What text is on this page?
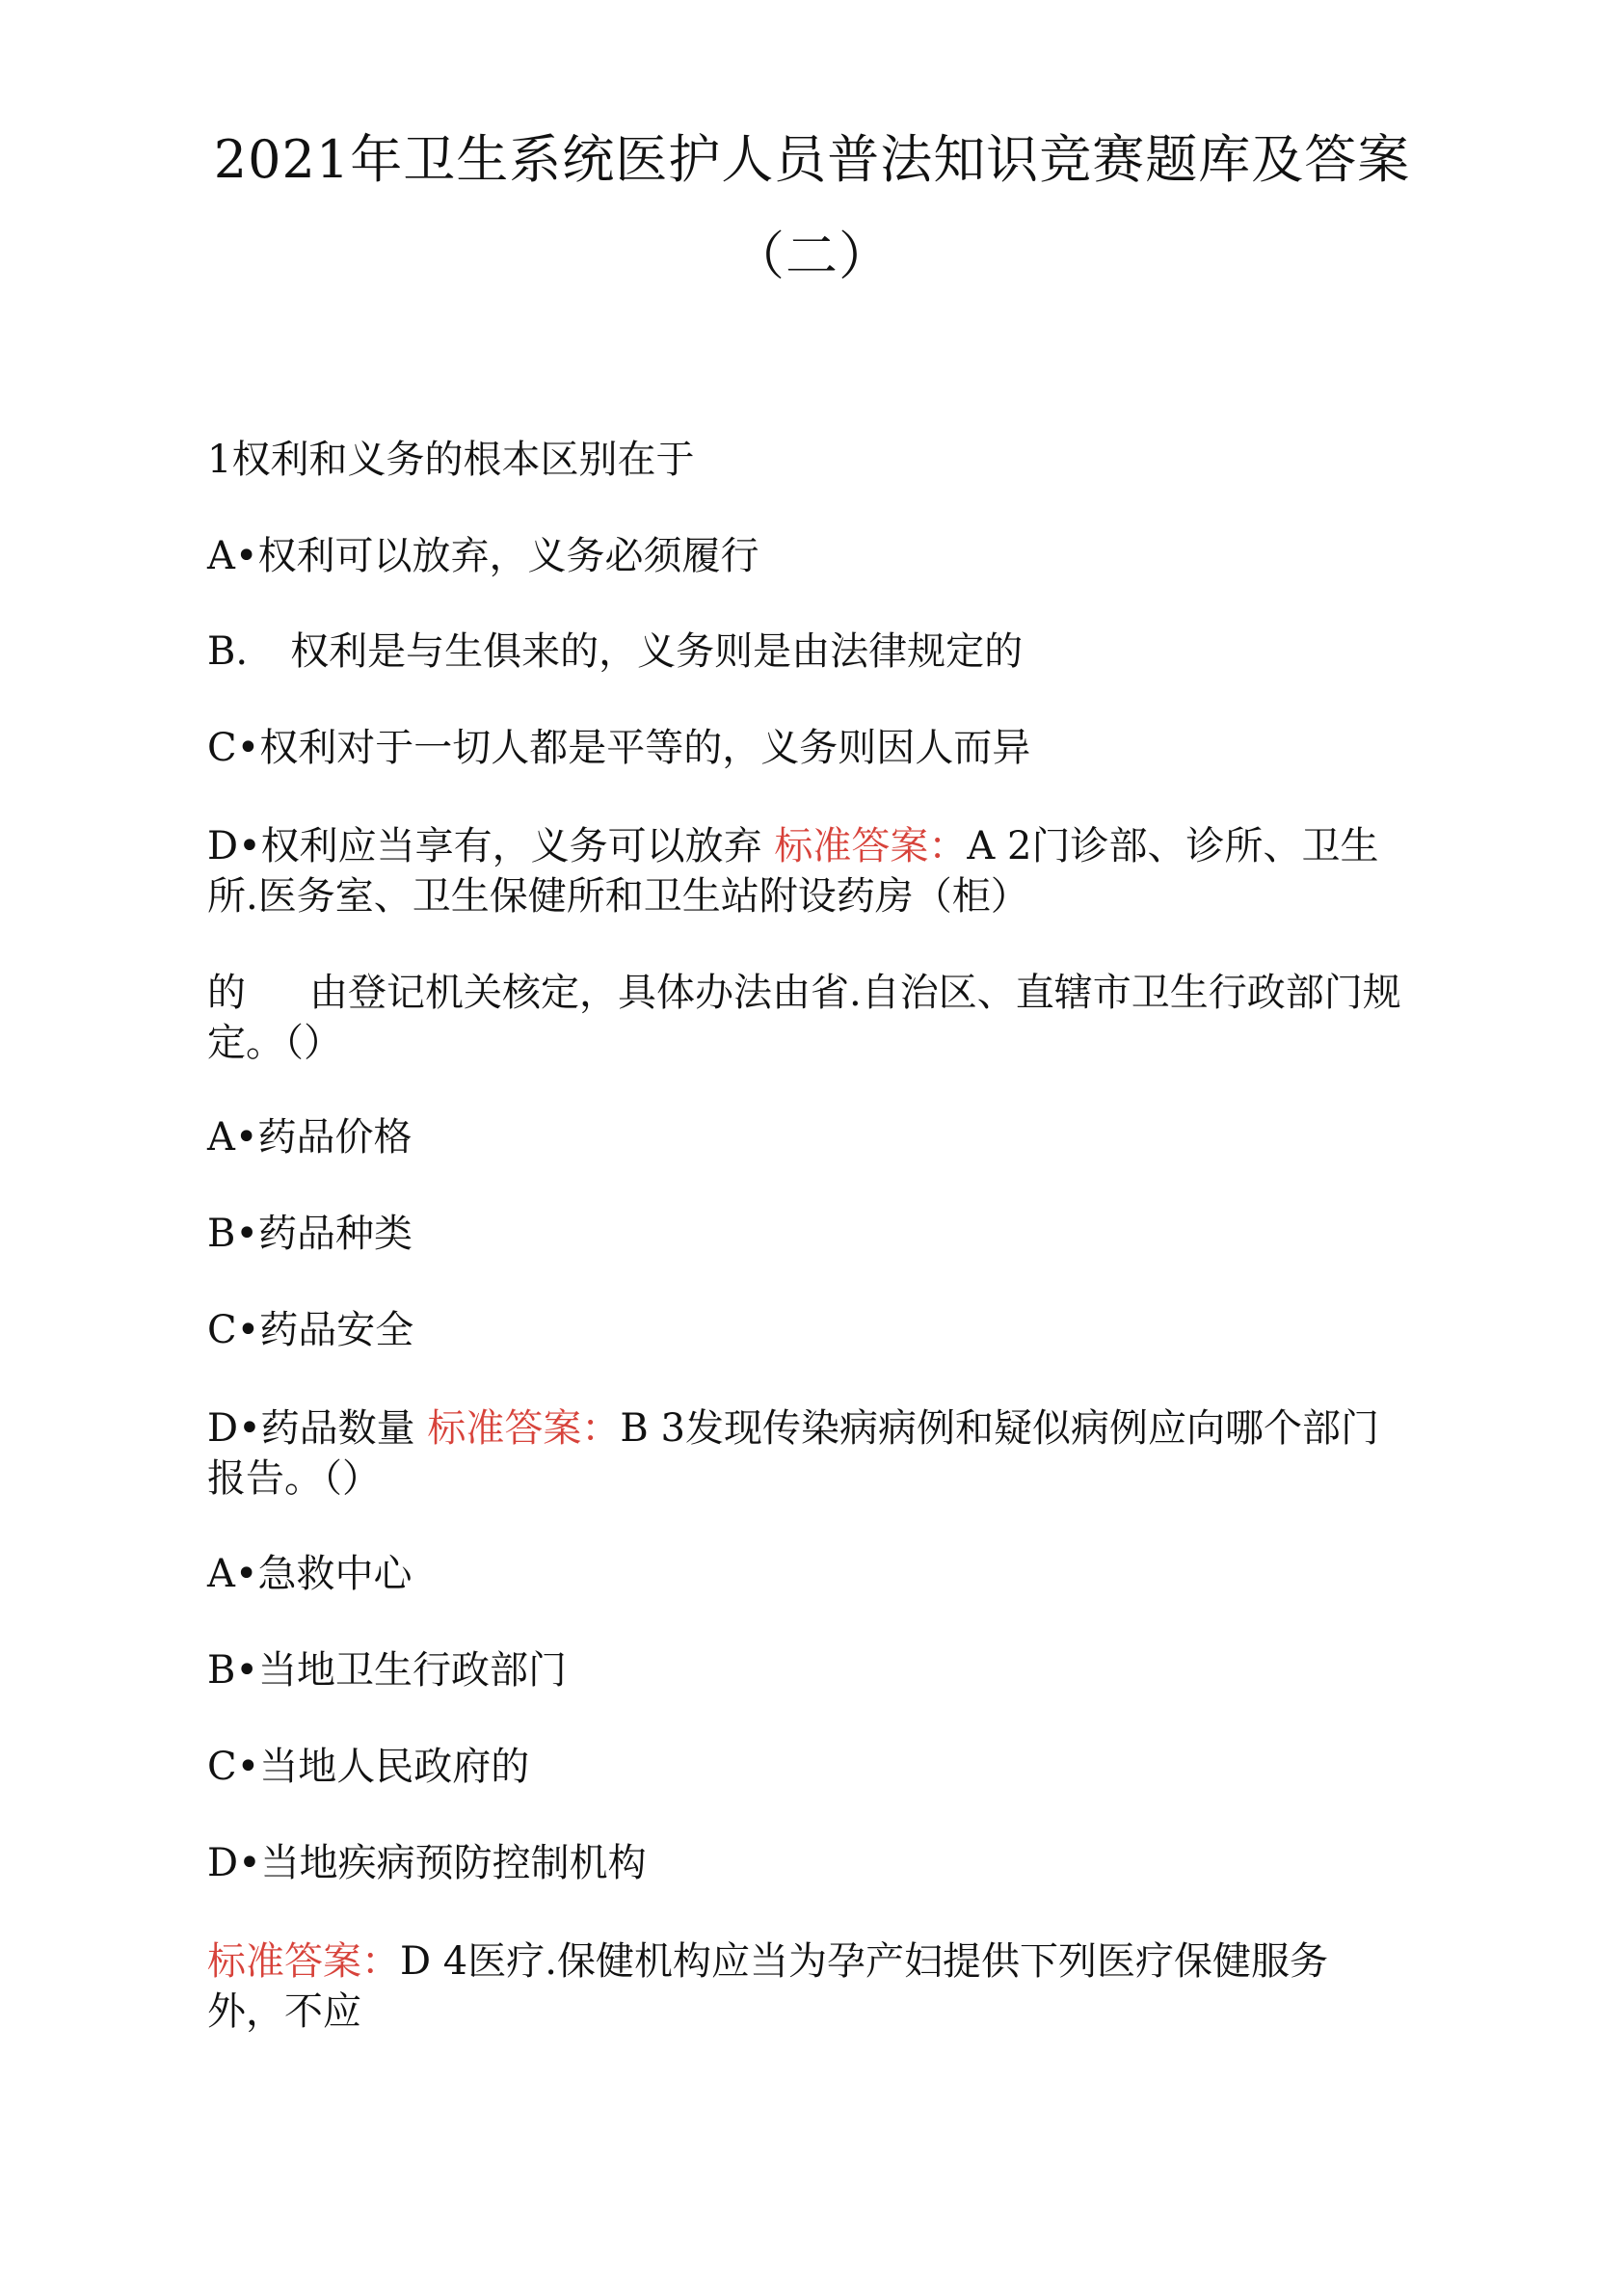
2021年卫生系统医护人员普法知识竞赛题库及答案
（二）
1权利和义务的根本区别在于
A•权利可以放弃，义务必须履行
B. 权利是与生俱来的，义务则是由法律规定的
C•权利对于一切人都是平等的，义务则因人而异
D•权利应当享有，义务可以放弃 标准答案：A 2门诊部、诊所、卫生所.医务室、卫生保健所和卫生站附设药房（柜）
的 由登记机关核定，具体办法由省.自治区、直辖市卫生行政部门规定。（）
A•药品价格
B•药品种类
C•药品安全
D•药品数量 标准答案：B 3发现传染病病例和疑似病例应向哪个部门报告。（）
A•急救中心
B•当地卫生行政部门
C•当地人民政府的
D•当地疾病预防控制机构
标准答案：D 4医疗.保健机构应当为孕产妇提供下列医疗保健服务外，不应
